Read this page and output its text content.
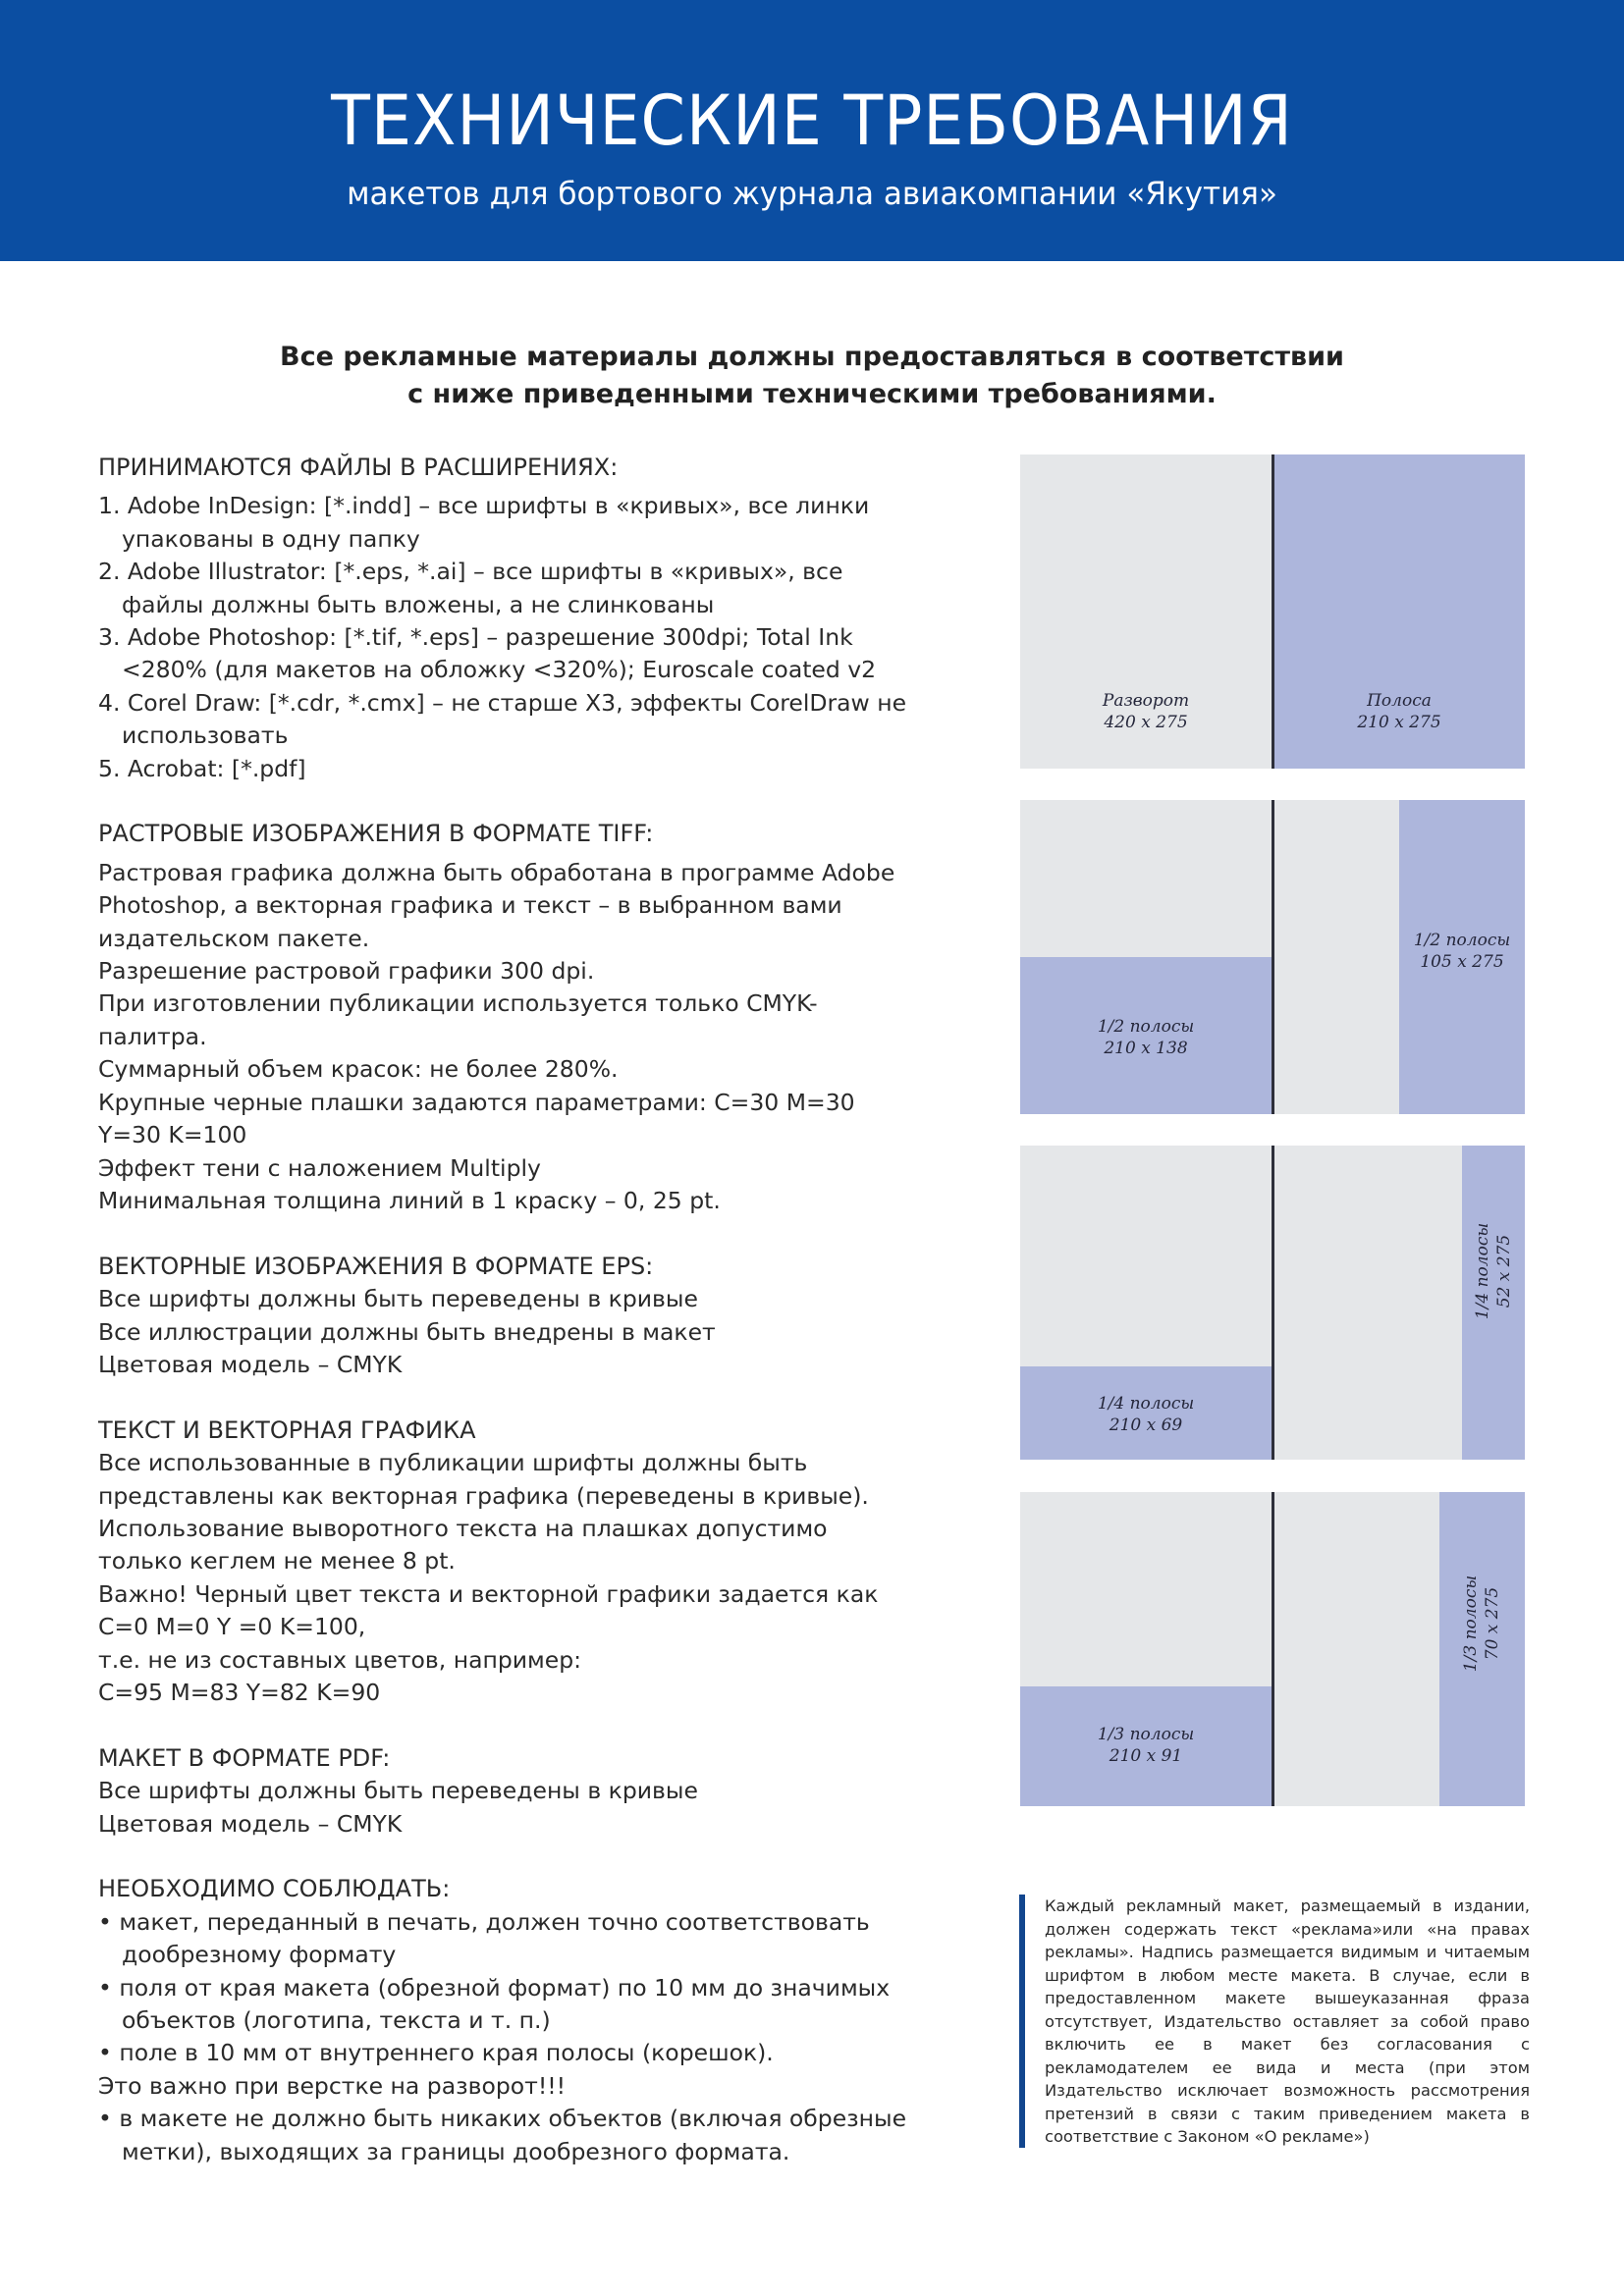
ТЕХНИЧЕСКИЕ ТРЕБОВАНИЯ
макетов для бортового журнала авиакомпании «Якутия»
Все рекламные материалы должны предоставляться в соответствии
с ниже приведенными техническими требованиями.
ПРИНИМАЮТСЯ ФАЙЛЫ В РАСШИРЕНИЯХ:
1. Adobe InDesign: [*.indd] – все шрифты в «кривых», все линки
упакованы в одну папку
2. Adobe Illustrator: [*.eps, *.ai] – все шрифты в «кривых», все
файлы должны быть вложены, а не слинкованы
3. Adobe Photoshop: [*.tif, *.eps] – разрешение 300dpi; Total Ink
<280% (для макетов на обложку <320%); Euroscale coated v2
4. Corel Draw: [*.cdr, *.cmx] – не старше X3, эффекты CorelDraw не
использовать
5. Acrobat: [*.pdf]
РАСТРОВЫЕ ИЗОБРАЖЕНИЯ В ФОРМАТЕ TIFF:
Растровая графика должна быть обработана в программе Adobe
Photoshop, а векторная графика и текст – в выбранном вами
издательском пакете.
Разрешение растровой графики 300 dpi.
При изготовлении публикации используется только CMYK-
палитра.
Суммарный объем красок: не более 280%.
Крупные черные плашки задаются параметрами: C=30 M=30
Y=30 K=100
Эффект тени с наложением Multiply
Минимальная толщина линий в 1 краску – 0, 25 pt.
ВЕКТОРНЫЕ ИЗОБРАЖЕНИЯ В ФОРМАТЕ EPS:
Все шрифты должны быть переведены в кривые
Все иллюстрации должны быть внедрены в макет
Цветовая модель – CMYK
ТЕКСТ И ВЕКТОРНАЯ ГРАФИКА
Все использованные в публикации шрифты должны быть
представлены как векторная графика (переведены в кривые).
Использование выворотного текста на плашках допустимо
только кеглем не менее 8 pt.
Важно! Черный цвет текста и векторной графики задается как
C=0 M=0 Y =0 K=100,
т.е. не из составных цветов, например:
C=95 M=83 Y=82 K=90
МАКЕТ В ФОРМАТЕ PDF:
Все шрифты должны быть переведены в кривые
Цветовая модель – CMYK
НЕОБХОДИМО СОБЛЮДАТЬ:
• макет, переданный в печать, должен точно соответствовать
дообрезному формату
• поля от края макета (обрезной формат) по 10 мм до значимых
объектов (логотипа, текста и т. п.)
• поле в 10 мм от внутреннего края полосы (корешок).
Это важно при верстке на разворот!!!
• в макете не должно быть никаких объектов (включая обрезные
метки), выходящих за границы дообрезного формата.
Разворот
420 x 275
Полоса
210 x 275
1/2 полосы
210 x 138
1/2 полосы
105 x 275
1/4 полосы
210 x 69
1/4 полосы 52 x 275
1/3 полосы
210 x 91
1/3 полосы 70 x 275
Каждый рекламный макет, размещаемый в издании, должен содержать текст «реклама»или «на правах рекламы». Надпись размещается видимым и читаемым шрифтом в любом месте макета. В случае, если в предоставленном макете вышеуказанная фраза отсутствует, Издательство оставляет за собой право включить ее в макет без согласования с рекламодателем ее вида и места (при этом Издательство исключает возможность рассмотрения претензий в связи с таким приведением макета в соответствие с Законом «О рекламе»)
